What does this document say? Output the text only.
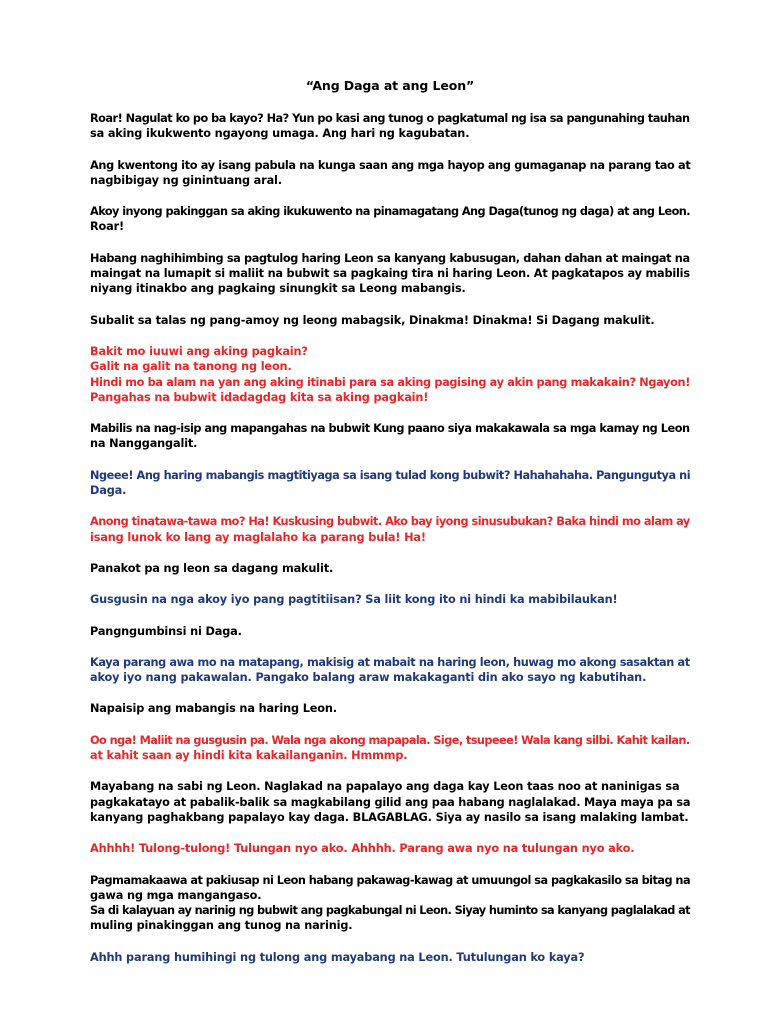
“Ang Daga at ang Leon”
Roar! Nagulat ko po ba kayo? Ha? Yun po kasi ang tunog o pagkatumal ng isa sa pangunahing tauhan
sa aking ikukwento ngayong umaga. Ang hari ng kagubatan.
Ang kwentong ito ay isang pabula na kunga saan ang mga hayop ang gumaganap na parang tao at
nagbibigay ng ginintuang aral.
Akoy inyong pakinggan sa aking ikukuwento na pinamagatang Ang Daga(tunog ng daga) at ang Leon.
Roar!
Habang naghihimbing sa pagtulog haring Leon sa kanyang kabusugan, dahan dahan at maingat na
maingat na lumapit si maliit na bubwit sa pagkaing tira ni haring Leon. At pagkatapos ay mabilis
niyang itinakbo ang pagkaing sinungkit sa Leong mabangis.
Subalit sa talas ng pang-amoy ng leong mabagsik, Dinakma! Dinakma! Si Dagang makulit.
Bakit mo iuuwi ang aking pagkain?
Galit na galit na tanong ng leon.
Hindi mo ba alam na yan ang aking itinabi para sa aking pagising ay akin pang makakain? Ngayon!
Pangahas na bubwit idadagdag kita sa aking pagkain!
Mabilis na nag-isip ang mapangahas na bubwit Kung paano siya makakawala sa mga kamay ng Leon
na Nanggangalit.
Ngeee! Ang haring mabangis magtitiyaga sa isang tulad kong bubwit? Hahahahaha. Pangungutya ni
Daga.
Anong tinatawa-tawa mo? Ha! Kuskusing bubwit. Ako bay iyong sinusubukan? Baka hindi mo alam ay
isang lunok ko lang ay maglalaho ka parang bula! Ha!
Panakot pa ng leon sa dagang makulit.
Gusgusin na nga akoy iyo pang pagtitiisan? Sa liit kong ito ni hindi ka mabibilaukan!
Pangngumbinsi ni Daga.
Kaya parang awa mo na matapang, makisig at mabait na haring leon, huwag mo akong sasaktan at
akoy iyo nang pakawalan. Pangako balang araw makakaganti din ako sayo ng kabutihan.
Napaisip ang mabangis na haring Leon.
Oo nga! Maliit na gusgusin pa. Wala nga akong mapapala. Sige, tsupeee! Wala kang silbi. Kahit kailan.
at kahit saan ay hindi kita kakailanganin. Hmmmp.
Mayabang na sabi ng Leon. Naglakad na papalayo ang daga kay Leon taas noo at naninigas sa
pagkakatayo at pabalik-balik sa magkabilang gilid ang paa habang naglalakad. Maya maya pa sa
kanyang paghakbang papalayo kay daga. BLAGABLAG. Siya ay nasilo sa isang malaking lambat.
Ahhhh! Tulong-tulong! Tulungan nyo ako. Ahhhh. Parang awa nyo na tulungan nyo ako.
Pagmamakaawa at pakiusap ni Leon habang pakawag-kawag at umuungol sa pagkakasilo sa bitag na
gawa ng mga mangangaso.
Sa di kalayuan ay narinig ng bubwit ang pagkabungal ni Leon. Siyay huminto sa kanyang paglalakad at
muling pinakinggan ang tunog na narinig.
Ahhh parang humihingi ng tulong ang mayabang na Leon. Tutulungan ko kaya?
